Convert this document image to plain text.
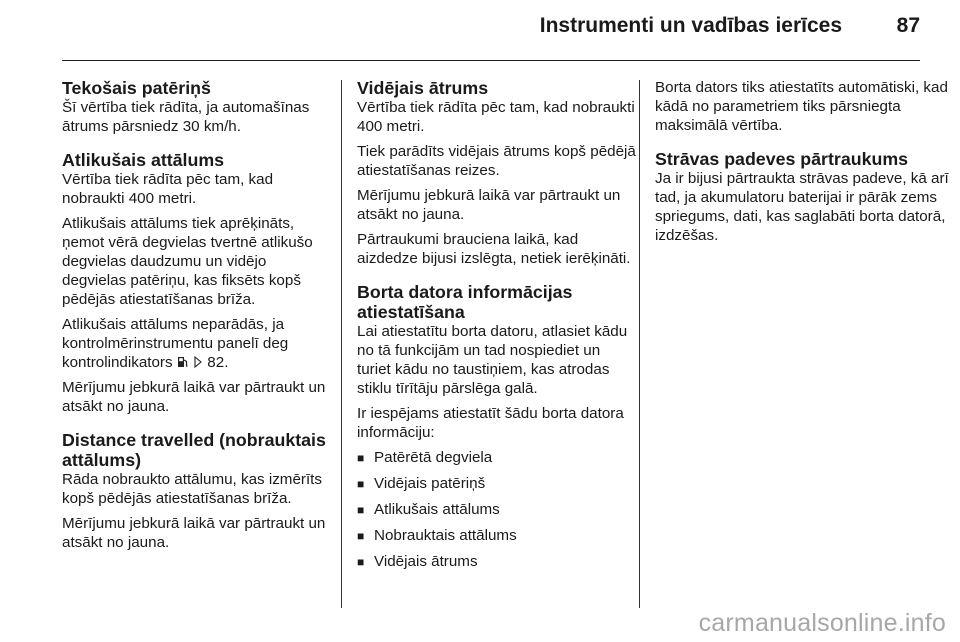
Instrumenti un vadības ierīces	87
Tekošais patēriņš

Šī vērtība tiek rādīta, ja automašīnas ātrums pārsniedz 30 km/h.

Atlikušais attālums

Vērtība tiek rādīta pēc tam, kad nobraukti 400 metri.

Atlikušais attālums tiek aprēķināts, ņemot vērā degvielas tvertnē atlikušo degvielas daudzumu un vidējo degvielas patēriņu, kas fiksēts kopš pēdējās atiestatīšanas brīža.

Atlikušais attālums neparādās, ja kontrolmērinstrumentu panelī deg kontrolindikators 82.

Mērījumu jebkurā laikā var pārtraukt un atsākt no jauna.

Distance travelled (nobrauktais attālums)

Rāda nobraukto attālumu, kas izmērīts kopš pēdējās atiestatīšanas brīža.

Mērījumu jebkurā laikā var pārtraukt un atsākt no jauna.

Vidējais ātrums

Vērtība tiek rādīta pēc tam, kad nobraukti 400 metri.

Tiek parādīts vidējais ātrums kopš pēdējā atiestatīšanas reizes.

Mērījumu jebkurā laikā var pārtraukt un atsākt no jauna.

Pārtraukumi brauciena laikā, kad aizdedze bijusi izslēgta, netiek ierēķināti.

Borta datora informācijas atiestatīšana

Lai atiestatītu borta datoru, atlasiet kādu no tā funkcijām un tad nospiediet un turiet kādu no taustiņiem, kas atrodas stiklu tīrītāju pārslēga galā.

Ir iespējams atiestatīt šādu borta datora informāciju:

■ Patērētā degviela
■ Vidējais patēriņš
■ Atlikušais attālums
■ Nobrauktais attālums
■ Vidējais ātrums

Borta dators tiks atiestatīts automātiski, kad kādā no parametriem tiks pārsniegta maksimālā vērtība.

Strāvas padeves pārtraukums

Ja ir bijusi pārtraukta strāvas padeve, kā arī tad, ja akumulatoru baterijai ir pārāk zems spriegums, dati, kas saglabāti borta datorā, izdzēšas.

carmanualsonline.info
